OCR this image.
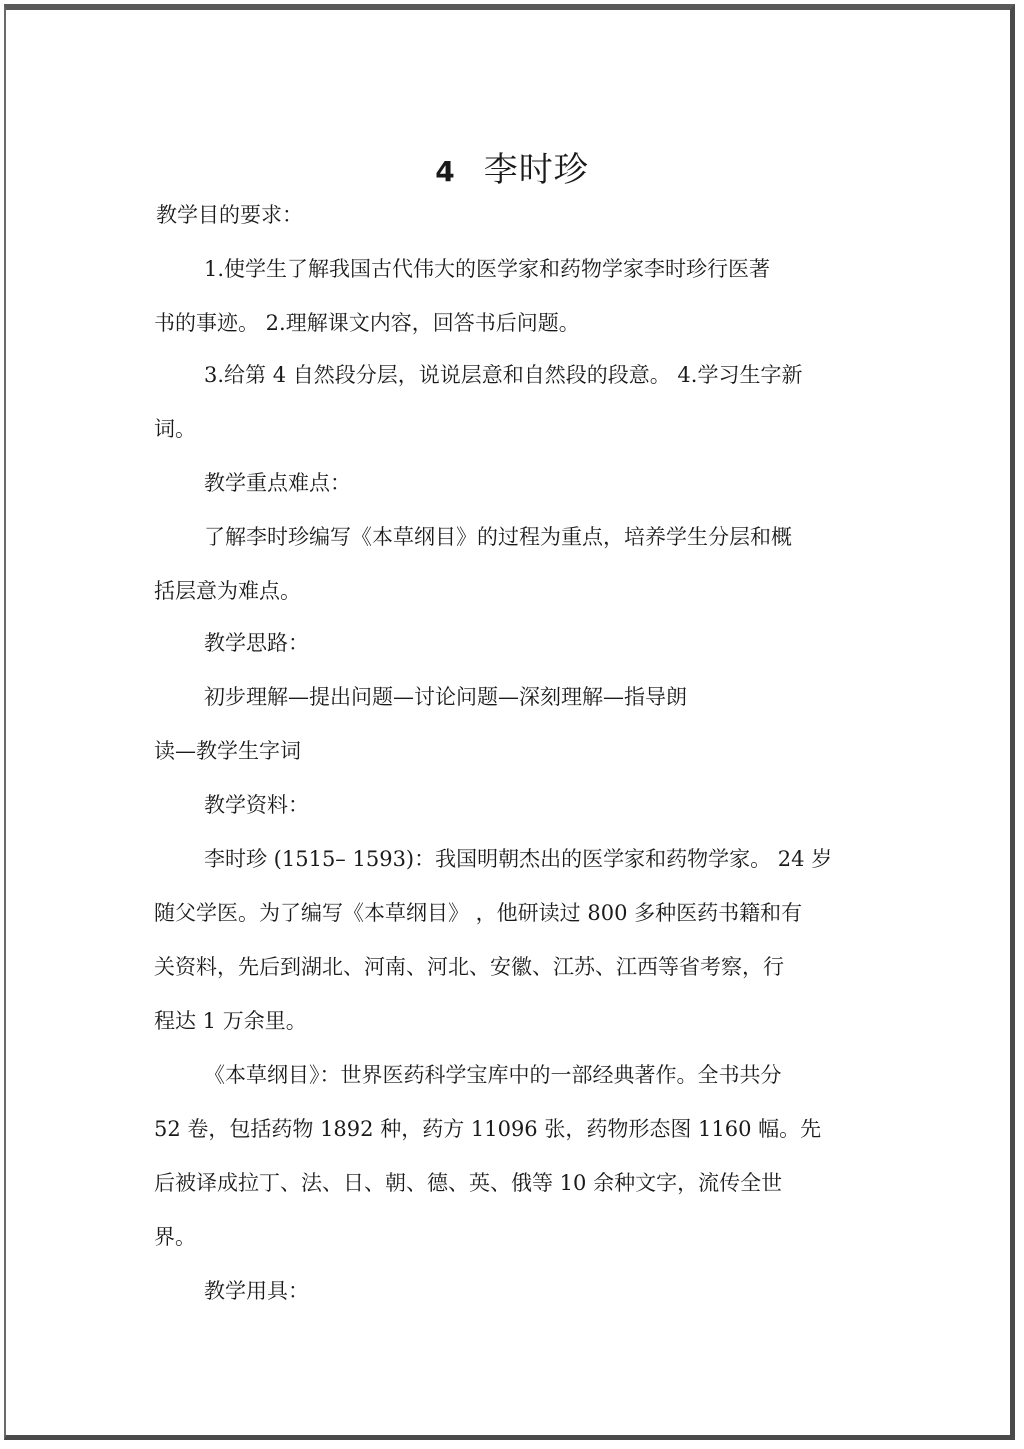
4 李时珍

教学目的要求：

1.使学生了解我国古代伟大的医学家和药物学家李时珍行医著

书的事迹。 2.理解课文内容，回答书后问题。

3.给第 4 自然段分层，说说层意和自然段的段意。 4.学习生字新

词。

教学重点难点：

了解李时珍编写《本草纲目》的过程为重点，培养学生分层和概

括层意为难点。

教学思路：

初步理解—提出问题—讨论问题—深刻理解—指导朗

读—教学生字词

教学资料：

李时珍 (1515– 1593)：我国明朝杰出的医学家和药物学家。 24 岁

随父学医。为了编写《本草纲目》 ，他研读过 800 多种医药书籍和有

关资料，先后到湖北、河南、河北、安徽、江苏、江西等省考察，行

程达 1 万余里。

《本草纲目》：世界医药科学宝库中的一部经典著作。全书共分

52 卷，包括药物 1892 种，药方 11096 张，药物形态图 1160 幅。先

后被译成拉丁、法、日、朝、德、英、俄等 10 余种文字，流传全世

界。

教学用具：
